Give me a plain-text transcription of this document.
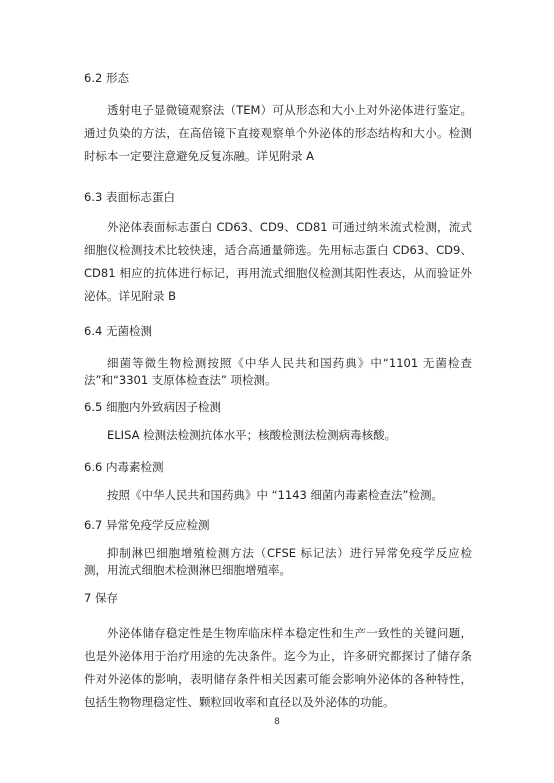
6.2 形态
透射电子显微镜观察法（TEM）可从形态和大小上对外泌体进行鉴定。通过负染的方法，在高倍镜下直接观察单个外泌体的形态结构和大小。检测时标本一定要注意避免反复冻融。详见附录 A
6.3 表面标志蛋白
外泌体表面标志蛋白 CD63、CD9、CD81 可通过纳米流式检测，流式细胞仪检测技术比较快速，适合高通量筛选。先用标志蛋白 CD63、CD9、CD81 相应的抗体进行标记，再用流式细胞仪检测其阳性表达，从而验证外泌体。详见附录 B
6.4 无菌检测
细菌等微生物检测按照《中华人民共和国药典》中“1101 无菌检查法”和“3301 支原体检查法” 项检测。
6.5 细胞内外致病因子检测
ELISA 检测法检测抗体水平；核酸检测法检测病毒核酸。
6.6 内毒素检测
按照《中华人民共和国药典》中 “1143 细菌内毒素检查法”检测。
6.7 异常免疫学反应检测
抑制淋巴细胞增殖检测方法（CFSE 标记法）进行异常免疫学反应检测，用流式细胞术检测淋巴细胞增殖率。
7 保存
外泌体储存稳定性是生物库临床样本稳定性和生产一致性的关键问题，也是外泌体用于治疗用途的先决条件。迄今为止，许多研究都探讨了储存条件对外泌体的影响，表明储存条件相关因素可能会影响外泌体的各种特性，包括生物物理稳定性、颗粒回收率和直径以及外泌体的功能。
8
